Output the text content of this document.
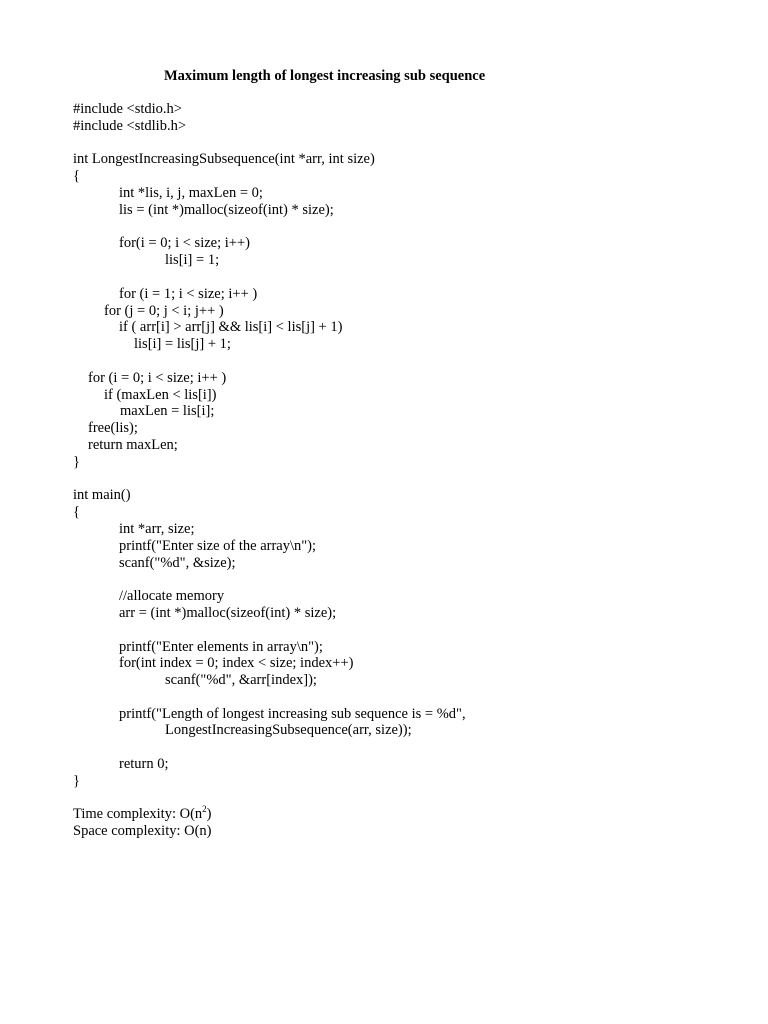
Maximum length of longest increasing sub sequence
#include <stdio.h>
#include <stdlib.h>
int LongestIncreasingSubsequence(int *arr, int size)
{
int *lis, i, j, maxLen = 0;
lis = (int *)malloc(sizeof(int) * size);
for(i = 0; i < size; i++)
lis[i] = 1;
for (i = 1; i < size; i++ )
for (j = 0; j < i; j++ )
if ( arr[i] > arr[j] && lis[i] < lis[j] + 1)
lis[i] = lis[j] + 1;
for (i = 0; i < size; i++ )
if (maxLen < lis[i])
maxLen = lis[i];
free(lis);
return maxLen;
}
int main()
{
int *arr, size;
printf("Enter size of the array\n");
scanf("%d", &size);
//allocate memory
arr = (int *)malloc(sizeof(int) * size);
printf("Enter elements in array\n");
for(int index = 0; index < size; index++)
scanf("%d", &arr[index]);
printf("Length of longest increasing sub sequence is = %d",
LongestIncreasingSubsequence(arr, size));
return 0;
}
Time complexity: $O(n^2)$
Space complexity: O(n)
